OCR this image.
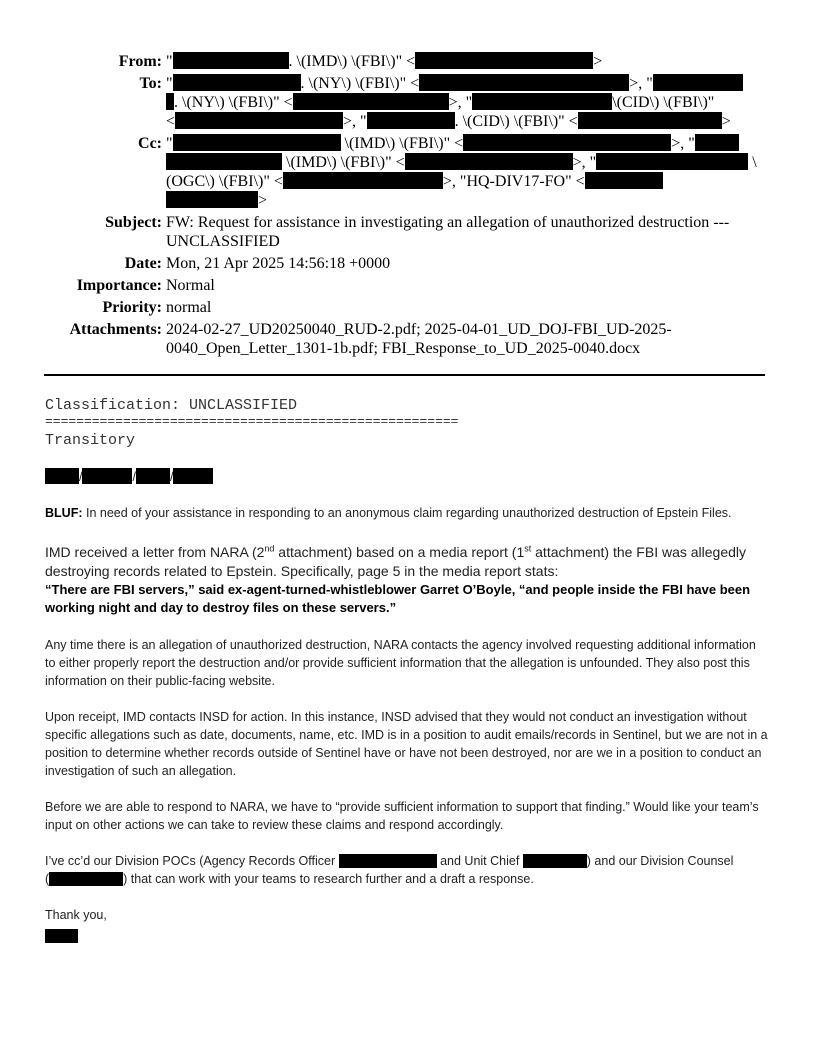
From: "	. \(IMD\) \(FBI\)" <	>
To: "	. \(NY\) \(FBI\)" <	>, "
. \(NY\) \(FBI\)" <	>, "	\(CID\) \(FBI\)"
<	>, "	. \(CID\) \(FBI\)" <	>
Cc: "	\(IMD\) \(FBI\)" <	>, "
\(IMD\) \(FBI\)" <	>, "	\
(OGC\) \(FBI\)" <	>, "HQ-DIV17-FO" <
>
Subject: FW: Request for assistance in investigating an allegation of unauthorized destruction --- UNCLASSIFIED
Date: Mon, 21 Apr 2025 14:56:18 +0000
Importance: Normal
Priority: normal
Attachments: 2024-02-27_UD20250040_RUD-2.pdf; 2025-04-01_UD_DOJ-FBI_UD-2025-0040_Open_Letter_1301-1b.pdf; FBI_Response_to_UD_2025-0040.docx
Classification: UNCLASSIFIED
=====================================================
Transitory
/	/	/
BLUF: In need of your assistance in responding to an anonymous claim regarding unauthorized destruction of Epstein Files.
IMD received a letter from NARA (2nd attachment) based on a media report (1st attachment) the FBI was allegedly destroying records related to Epstein. Specifically, page 5 in the media report stats:
“There are FBI servers,” said ex-agent-turned-whistleblower Garret O’Boyle, “and people inside the FBI have been working night and day to destroy files on these servers.”
Any time there is an allegation of unauthorized destruction, NARA contacts the agency involved requesting additional information to either properly report the destruction and/or provide sufficient information that the allegation is unfounded. They also post this information on their public-facing website.
Upon receipt, IMD contacts INSD for action. In this instance, INSD advised that they would not conduct an investigation without specific allegations such as date, documents, name, etc. IMD is in a position to audit emails/records in Sentinel, but we are not in a position to determine whether records outside of Sentinel have or have not been destroyed, nor are we in a position to conduct an investigation of such an allegation.
Before we are able to respond to NARA, we have to “provide sufficient information to support that finding.” Would like your team’s input on other actions we can take to review these claims and respond accordingly.
I’ve cc’d our Division POCs (Agency Records Officer	and Unit Chief	) and our Division Counsel
(	) that can work with your teams to research further and a draft a response.
Thank you,
